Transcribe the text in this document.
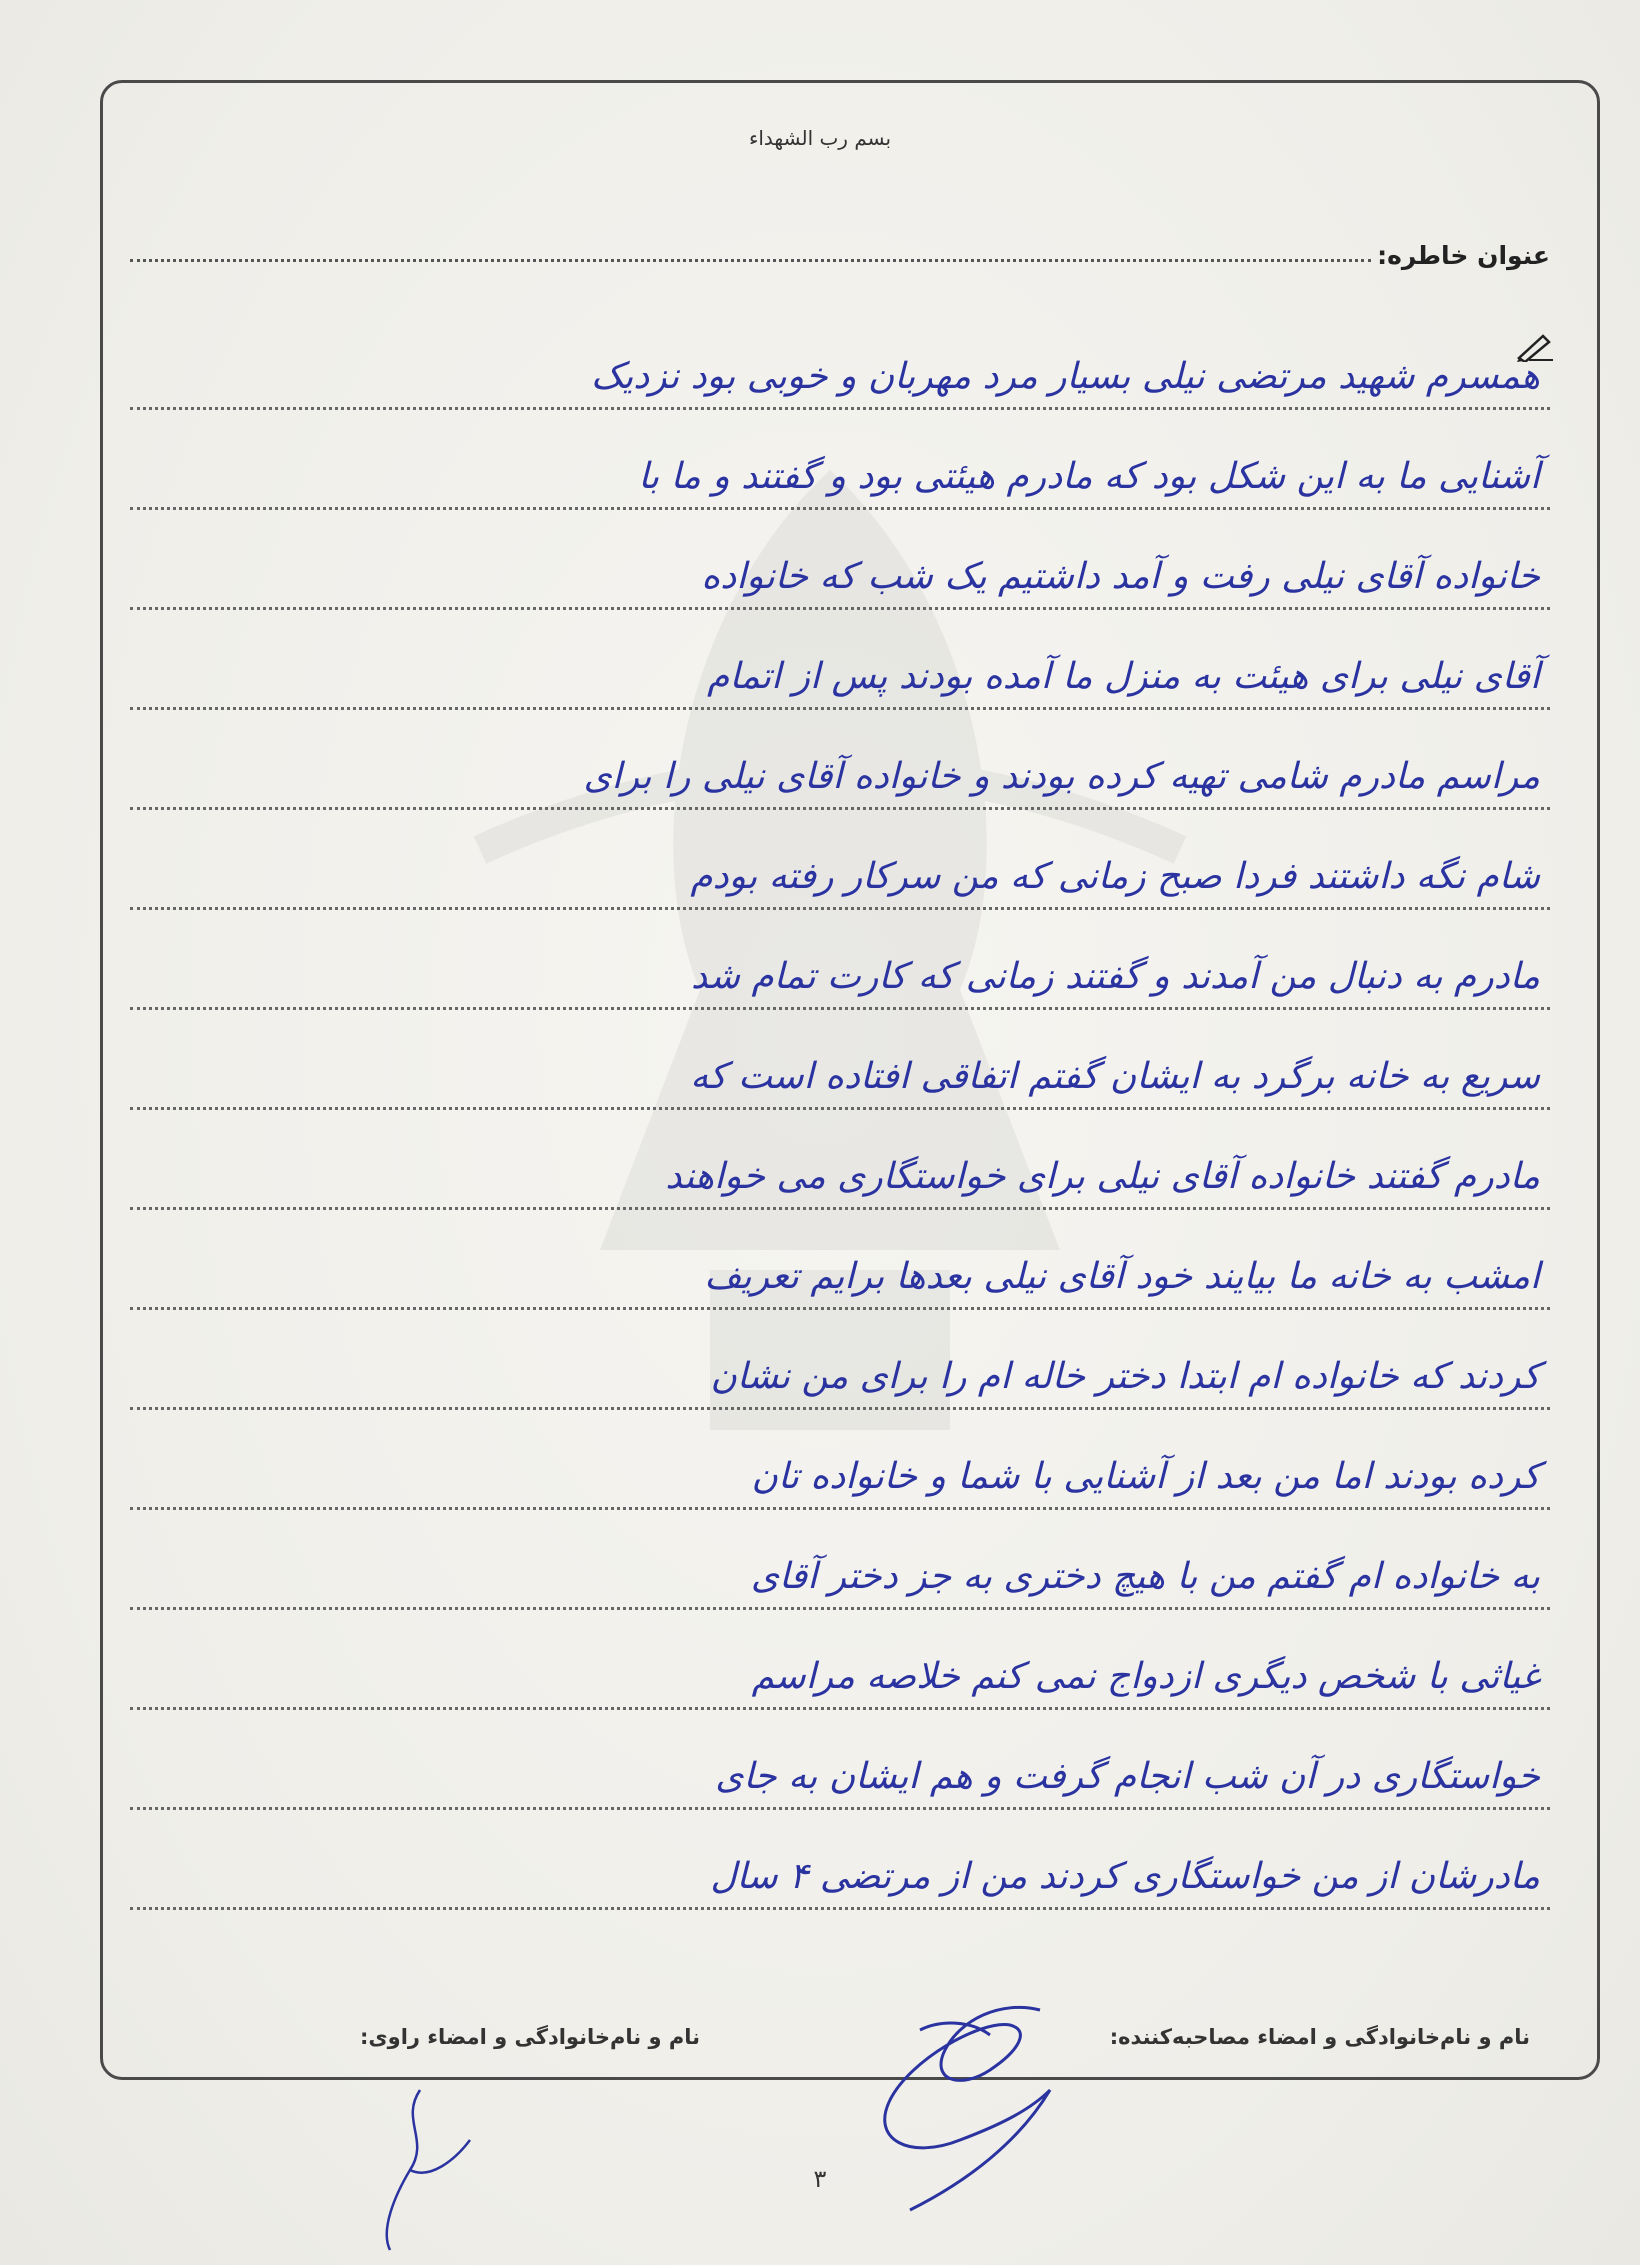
بسم رب الشهداء
عنوان خاطره:
همسرم شهید مرتضی نیلی بسیار مرد مهربان و خوبی بود نزدیک
آشنایی ما به این شکل بود که مادرم هیئتی بود و گفتند و ما با
خانواده آقای نیلی رفت و آمد داشتیم یک شب که خانواده
آقای نیلی برای هیئت به منزل ما آمده بودند پس از اتمام
مراسم مادرم شامی تهیه کرده بودند و خانواده آقای نیلی را برای
شام نگه داشتند فردا صبح زمانی که من سرکار رفته بودم
مادرم به دنبال من آمدند و گفتند زمانی که کارت تمام شد
سریع به خانه برگرد به ایشان گفتم اتفاقی افتاده است که
مادرم گفتند خانواده آقای نیلی برای خواستگاری می خواهند
امشب به خانه ما بیایند خود آقای نیلی بعدها برایم تعریف
کردند که خانواده ام ابتدا دختر خاله ام را برای من نشان
کرده بودند اما من بعد از آشنایی با شما و خانواده تان
به خانواده ام گفتم من با هیچ دختری به جز دختر آقای
غیاثی با شخص دیگری ازدواج نمی کنم خلاصه مراسم
خواستگاری در آن شب انجام گرفت و هم ایشان به جای
مادرشان از من خواستگاری کردند من از مرتضی ۴ سال
نام و نام‌خانوادگی و امضاء مصاحبه‌کننده:
نام و نام‌خانوادگی و امضاء راوی:
۳
